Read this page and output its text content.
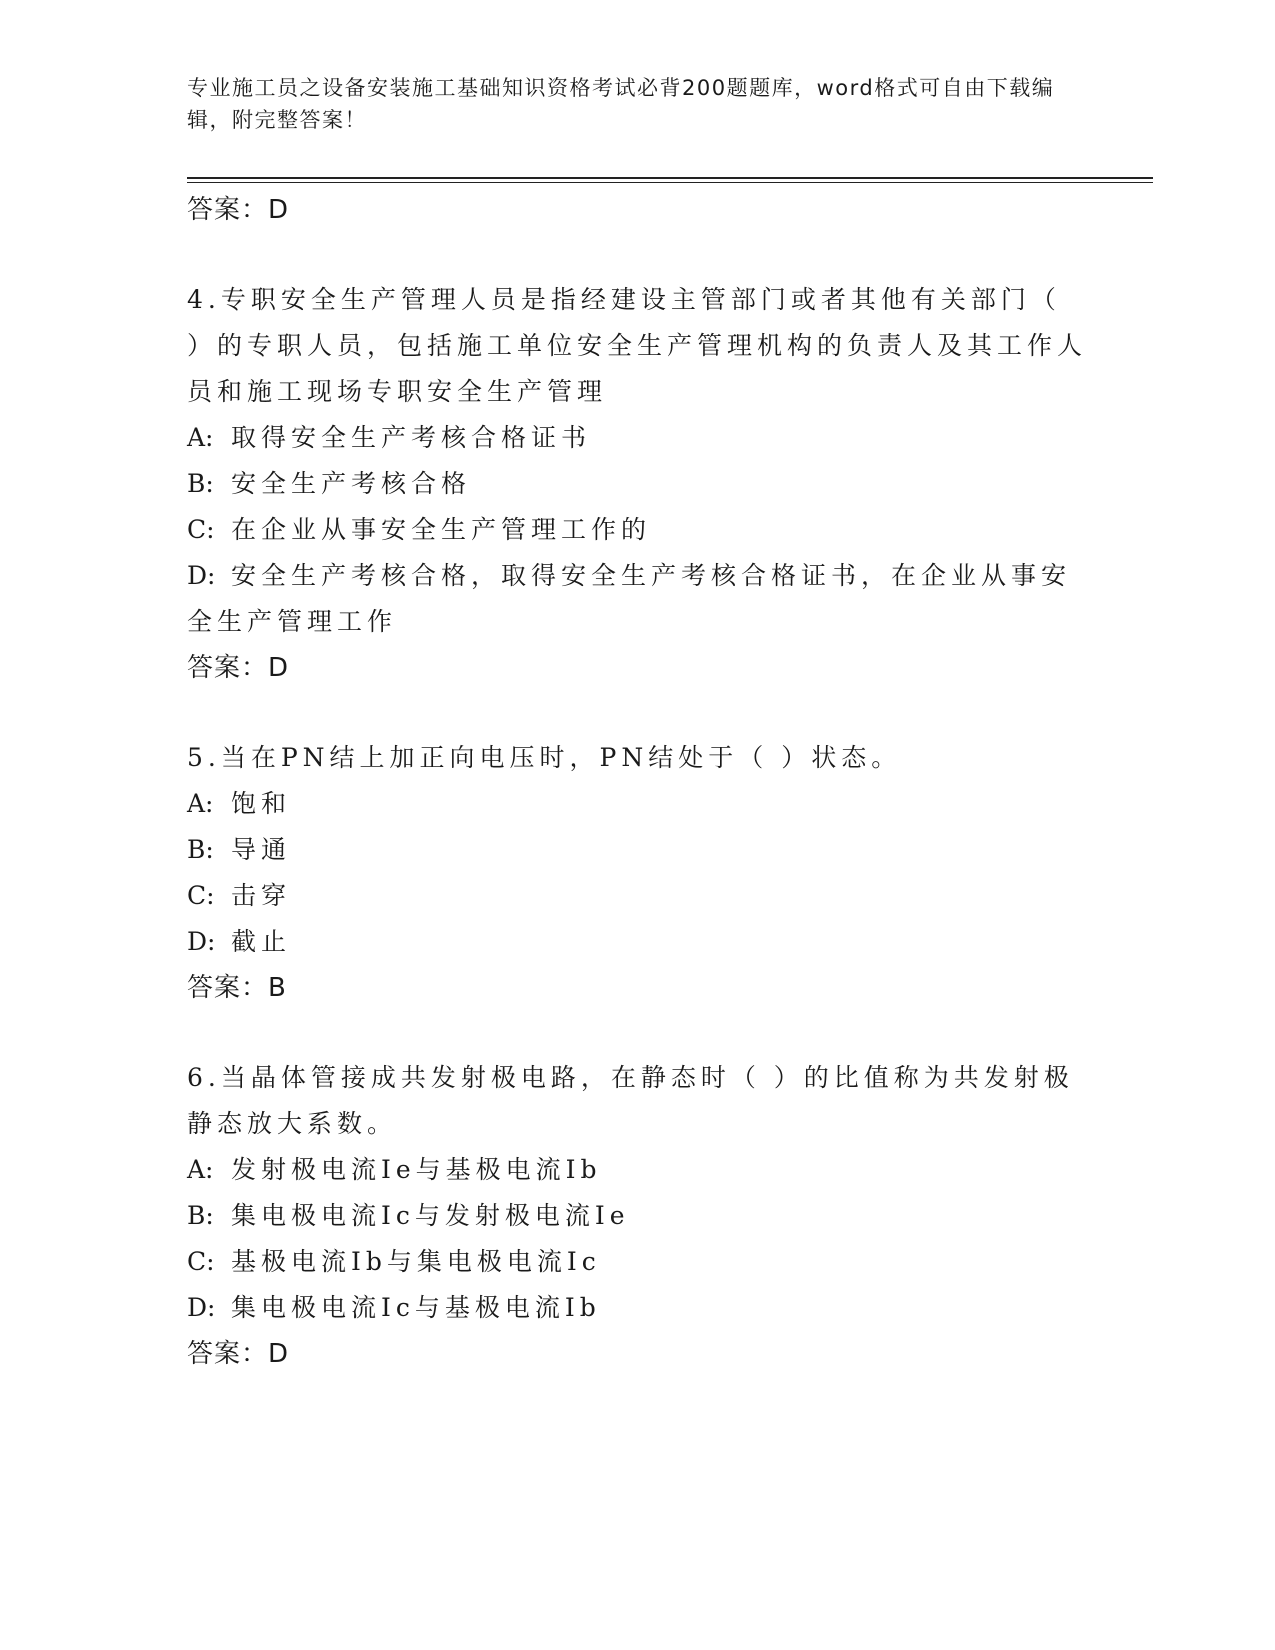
专业施工员之设备安装施工基础知识资格考试必背200题题库，word格式可自由下载编辑，附完整答案！
答案：D
4.专职安全生产管理人员是指经建设主管部门或者其他有关部门（ ）的专职人员，包括施工单位安全生产管理机构的负责人及其工作人员和施工现场专职安全生产管理
A: 取得安全生产考核合格证书
B: 安全生产考核合格
C: 在企业从事安全生产管理工作的
D: 安全生产考核合格，取得安全生产考核合格证书，在企业从事安全生产管理工作
答案：D
5.当在PN结上加正向电压时，PN结处于（ ）状态。
A: 饱和
B: 导通
C: 击穿
D: 截止
答案：B
6.当晶体管接成共发射极电路，在静态时（ ）的比值称为共发射极静态放大系数。
A: 发射极电流Ie与基极电流Ib
B: 集电极电流Ic与发射极电流Ie
C: 基极电流Ib与集电极电流Ic
D: 集电极电流Ic与基极电流Ib
答案：D
